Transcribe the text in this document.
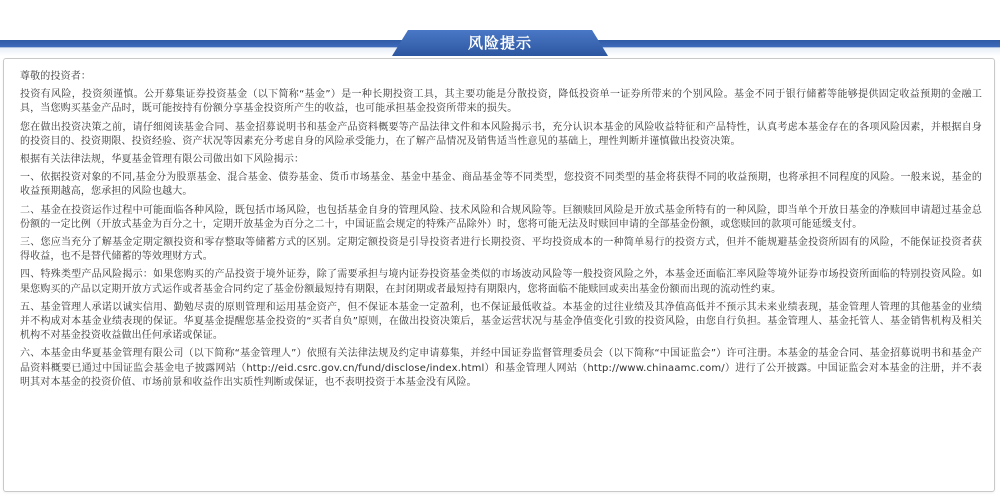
风险提示

尊敬的投资者：

投资有风险，投资须谨慎。公开募集证券投资基金（以下简称“基金”）是一种长期投资工具，其主要功能是分散投资，降低投资单一证券所带来的个别风险。基金不同于银行储蓄等能够提供固定收益预期的金融工具，当您购买基金产品时，既可能按持有份额分享基金投资所产生的收益，也可能承担基金投资所带来的损失。

您在做出投资决策之前，请仔细阅读基金合同、基金招募说明书和基金产品资料概要等产品法律文件和本风险揭示书，充分认识本基金的风险收益特征和产品特性，认真考虑本基金存在的各项风险因素，并根据自身的投资目的、投资期限、投资经验、资产状况等因素充分考虑自身的风险承受能力，在了解产品情况及销售适当性意见的基础上，理性判断并谨慎做出投资决策。

根据有关法律法规，华夏基金管理有限公司做出如下风险揭示：

一、依据投资对象的不同,基金分为股票基金、混合基金、债券基金、货币市场基金、基金中基金、商品基金等不同类型，您投资不同类型的基金将获得不同的收益预期，也将承担不同程度的风险。一般来说，基金的收益预期越高，您承担的风险也越大。

二、基金在投资运作过程中可能面临各种风险，既包括市场风险，也包括基金自身的管理风险、技术风险和合规风险等。巨额赎回风险是开放式基金所特有的一种风险，即当单个开放日基金的净赎回申请超过基金总份额的一定比例（开放式基金为百分之十，定期开放基金为百分之二十，中国证监会规定的特殊产品除外）时，您将可能无法及时赎回申请的全部基金份额，或您赎回的款项可能延缓支付。

三、您应当充分了解基金定期定额投资和零存整取等储蓄方式的区别。定期定额投资是引导投资者进行长期投资、平均投资成本的一种简单易行的投资方式，但并不能规避基金投资所固有的风险，不能保证投资者获得收益，也不是替代储蓄的等效理财方式。

四、特殊类型产品风险揭示：如果您购买的产品投资于境外证券，除了需要承担与境内证券投资基金类似的市场波动风险等一般投资风险之外，本基金还面临汇率风险等境外证券市场投资所面临的特别投资风险。如果您购买的产品以定期开放方式运作或者基金合同约定了基金份额最短持有期限，在封闭期或者最短持有期限内，您将面临不能赎回或卖出基金份额而出现的流动性约束。

五、基金管理人承诺以诚实信用、勤勉尽责的原则管理和运用基金资产，但不保证本基金一定盈利，也不保证最低收益。本基金的过往业绩及其净值高低并不预示其未来业绩表现，基金管理人管理的其他基金的业绩并不构成对本基金业绩表现的保证。华夏基金提醒您基金投资的“买者自负”原则，在做出投资决策后，基金运营状况与基金净值变化引致的投资风险，由您自行负担。基金管理人、基金托管人、基金销售机构及相关机构不对基金投资收益做出任何承诺或保证。

六、本基金由华夏基金管理有限公司（以下简称“基金管理人”）依照有关法律法规及约定申请募集，并经中国证券监督管理委员会（以下简称“中国证监会”）许可注册。本基金的基金合同、基金招募说明书和基金产品资料概要已通过中国证监会基金电子披露网站（http://eid.csrc.gov.cn/fund/disclose/index.html）和基金管理人网站（http://www.chinaamc.com/）进行了公开披露。中国证监会对本基金的注册，并不表明其对本基金的投资价值、市场前景和收益作出实质性判断或保证，也不表明投资于本基金没有风险。
